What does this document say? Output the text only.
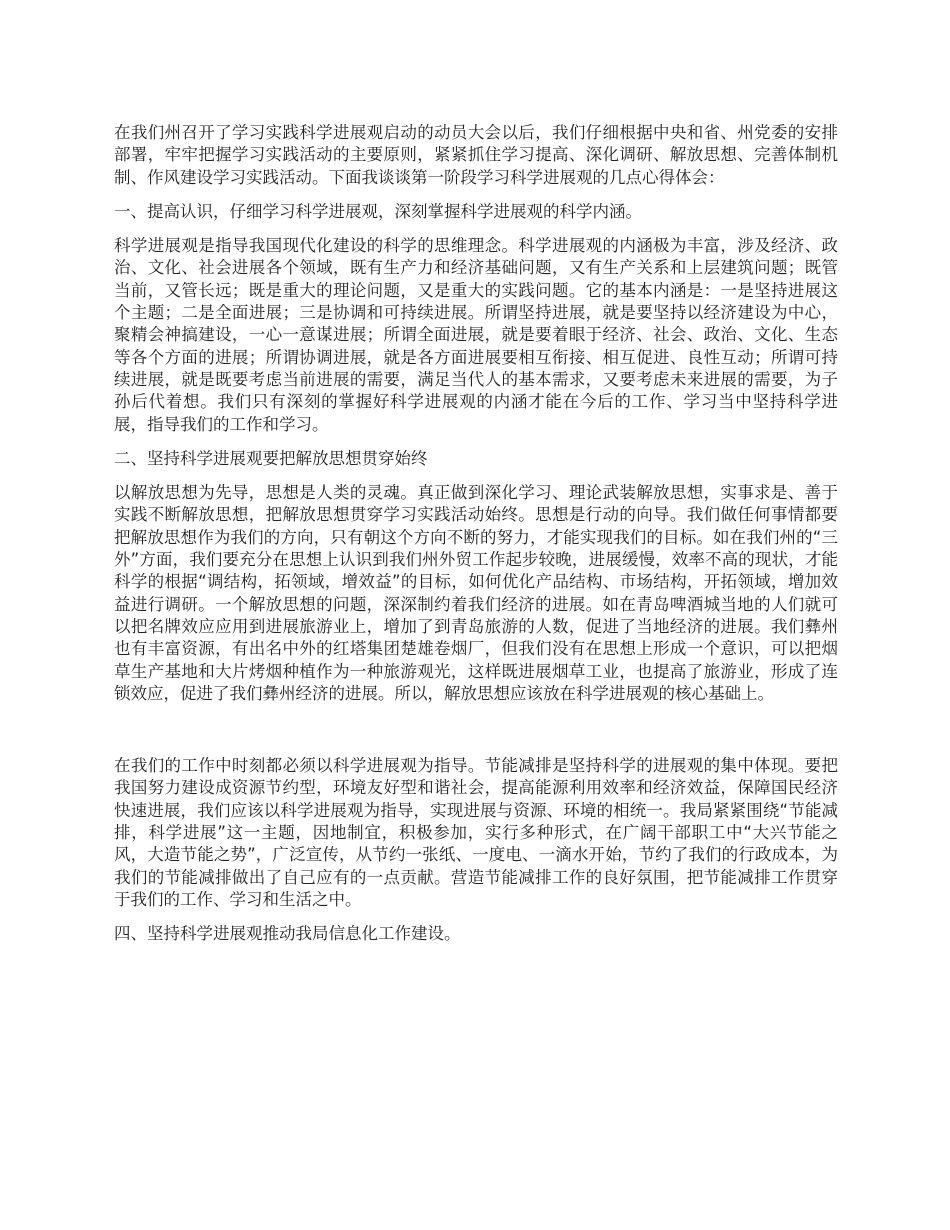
在我们州召开了学习实践科学进展观启动的动员大会以后，我们仔细根据中央和省、州党委的安排部署，牢牢把握学习实践活动的主要原则，紧紧抓住学习提高、深化调研、解放思想、完善体制机制、作风建设学习实践活动。下面我谈谈第一阶段学习科学进展观的几点心得体会：

一、提高认识，仔细学习科学进展观，深刻掌握科学进展观的科学内涵。

科学进展观是指导我国现代化建设的科学的思维理念。科学进展观的内涵极为丰富，涉及经济、政治、文化、社会进展各个领域，既有生产力和经济基础问题，又有生产关系和上层建筑问题；既管当前，又管长远；既是重大的理论问题，又是重大的实践问题。它的基本内涵是：一是坚持进展这个主题；二是全面进展；三是协调和可持续进展。所谓坚持进展，就是要坚持以经济建设为中心，聚精会神搞建设，一心一意谋进展；所谓全面进展，就是要着眼于经济、社会、政治、文化、生态等各个方面的进展；所谓协调进展，就是各方面进展要相互衔接、相互促进、良性互动；所谓可持续进展，就是既要考虑当前进展的需要，满足当代人的基本需求，又要考虑未来进展的需要，为子孙后代着想。我们只有深刻的掌握好科学进展观的内涵才能在今后的工作、学习当中坚持科学进展，指导我们的工作和学习。

二、坚持科学进展观要把解放思想贯穿始终

以解放思想为先导，思想是人类的灵魂。真正做到深化学习、理论武装解放思想，实事求是、善于实践不断解放思想，把解放思想贯穿学习实践活动始终。思想是行动的向导。我们做任何事情都要把解放思想作为我们的方向，只有朝这个方向不断的努力，才能实现我们的目标。如在我们州的“三外”方面，我们要充分在思想上认识到我们州外贸工作起步较晚，进展缓慢，效率不高的现状，才能科学的根据“调结构，拓领域，增效益”的目标，如何优化产品结构、市场结构，开拓领域，增加效益进行调研。一个解放思想的问题，深深制约着我们经济的进展。如在青岛啤酒城当地的人们就可以把名牌效应应用到进展旅游业上，增加了到青岛旅游的人数，促进了当地经济的进展。我们彝州也有丰富资源，有出名中外的红塔集团楚雄卷烟厂，但我们没有在思想上形成一个意识，可以把烟草生产基地和大片烤烟种植作为一种旅游观光，这样既进展烟草工业，也提高了旅游业，形成了连锁效应，促进了我们彝州经济的进展。所以，解放思想应该放在科学进展观的核心基础上。

在我们的工作中时刻都必须以科学进展观为指导。节能减排是坚持科学的进展观的集中体现。要把我国努力建设成资源节约型，环境友好型和谐社会，提高能源利用效率和经济效益，保障国民经济快速进展，我们应该以科学进展观为指导，实现进展与资源、环境的相统一。我局紧紧围绕“节能减排，科学进展”这一主题，因地制宜，积极参加，实行多种形式，在广阔干部职工中“大兴节能之风，大造节能之势”，广泛宣传，从节约一张纸、一度电、一滴水开始，节约了我们的行政成本，为我们的节能减排做出了自己应有的一点贡献。营造节能减排工作的良好氛围，把节能减排工作贯穿于我们的工作、学习和生活之中。

四、坚持科学进展观推动我局信息化工作建设。
